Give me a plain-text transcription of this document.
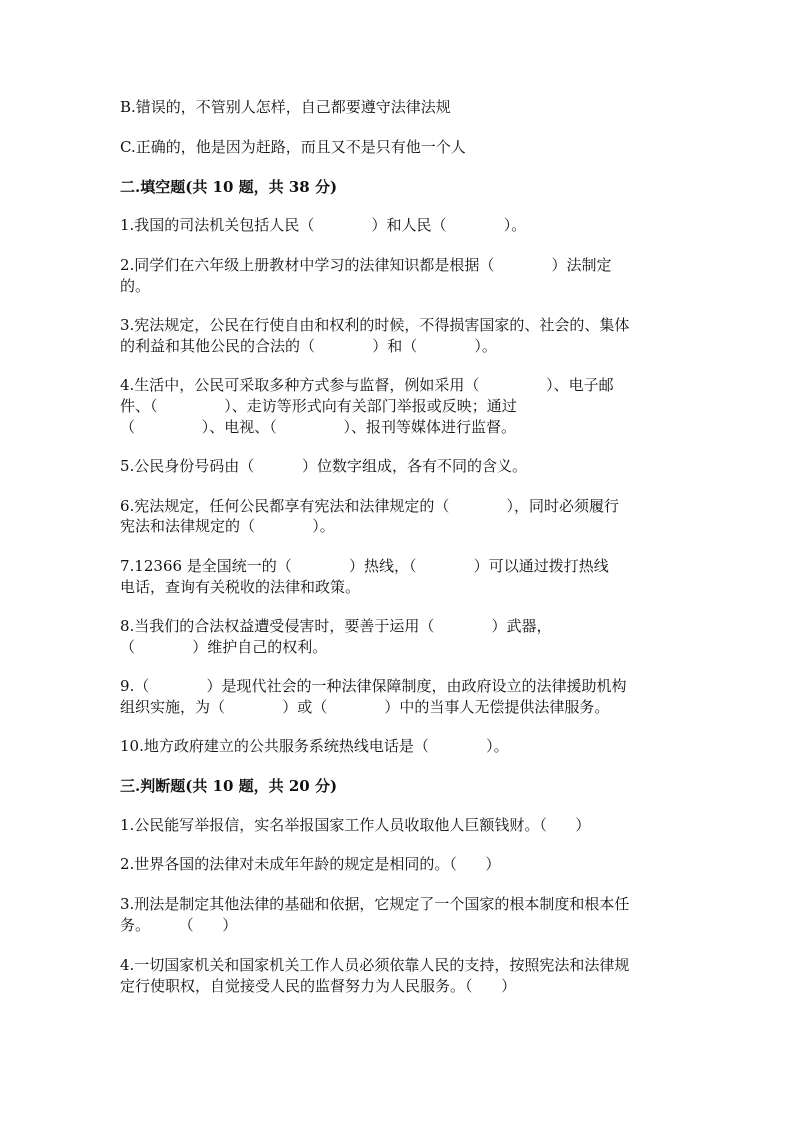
B.错误的，不管别人怎样，自己都要遵守法律法规
C.正确的，他是因为赶路，而且又不是只有他一个人
二.填空题(共 10 题，共 38 分)
1.我国的司法机关包括人民（            ）和人民（            ）。
2.同学们在六年级上册教材中学习的法律知识都是根据（            ）法制定
的。
3.宪法规定，公民在行使自由和权利的时候，不得损害国家的、社会的、集体
的利益和其他公民的合法的（            ）和（            ）。
4.生活中，公民可采取多种方式参与监督，例如采用（              ）、电子邮
件、（              ）、走访等形式向有关部门举报或反映；通过
（              ）、电视、（              ）、报刊等媒体进行监督。
5.公民身份号码由（          ）位数字组成，各有不同的含义。
6.宪法规定，任何公民都享有宪法和法律规定的（            ），同时必须履行
宪法和法律规定的（            ）。
7.12366 是全国统一的（            ）热线，（            ）可以通过拨打热线
电话，查询有关税收的法律和政策。
8.当我们的合法权益遭受侵害时，要善于运用（            ）武器，
（            ）维护自己的权利。
9.（            ）是现代社会的一种法律保障制度，由政府设立的法律援助机构
组织实施，为（            ）或（            ）中的当事人无偿提供法律服务。
10.地方政府建立的公共服务系统热线电话是（            ）。
三.判断题(共 10 题，共 20 分)
1.公民能写举报信，实名举报国家工作人员收取他人巨额钱财。（      ）
2.世界各国的法律对未成年年龄的规定是相同的。（      ）
3.刑法是制定其他法律的基础和依据，它规定了一个国家的根本制度和根本任
务。      （      ）
4.一切国家机关和国家机关工作人员必须依靠人民的支持，按照宪法和法律规
定行使职权，自觉接受人民的监督努力为人民服务。（      ）
